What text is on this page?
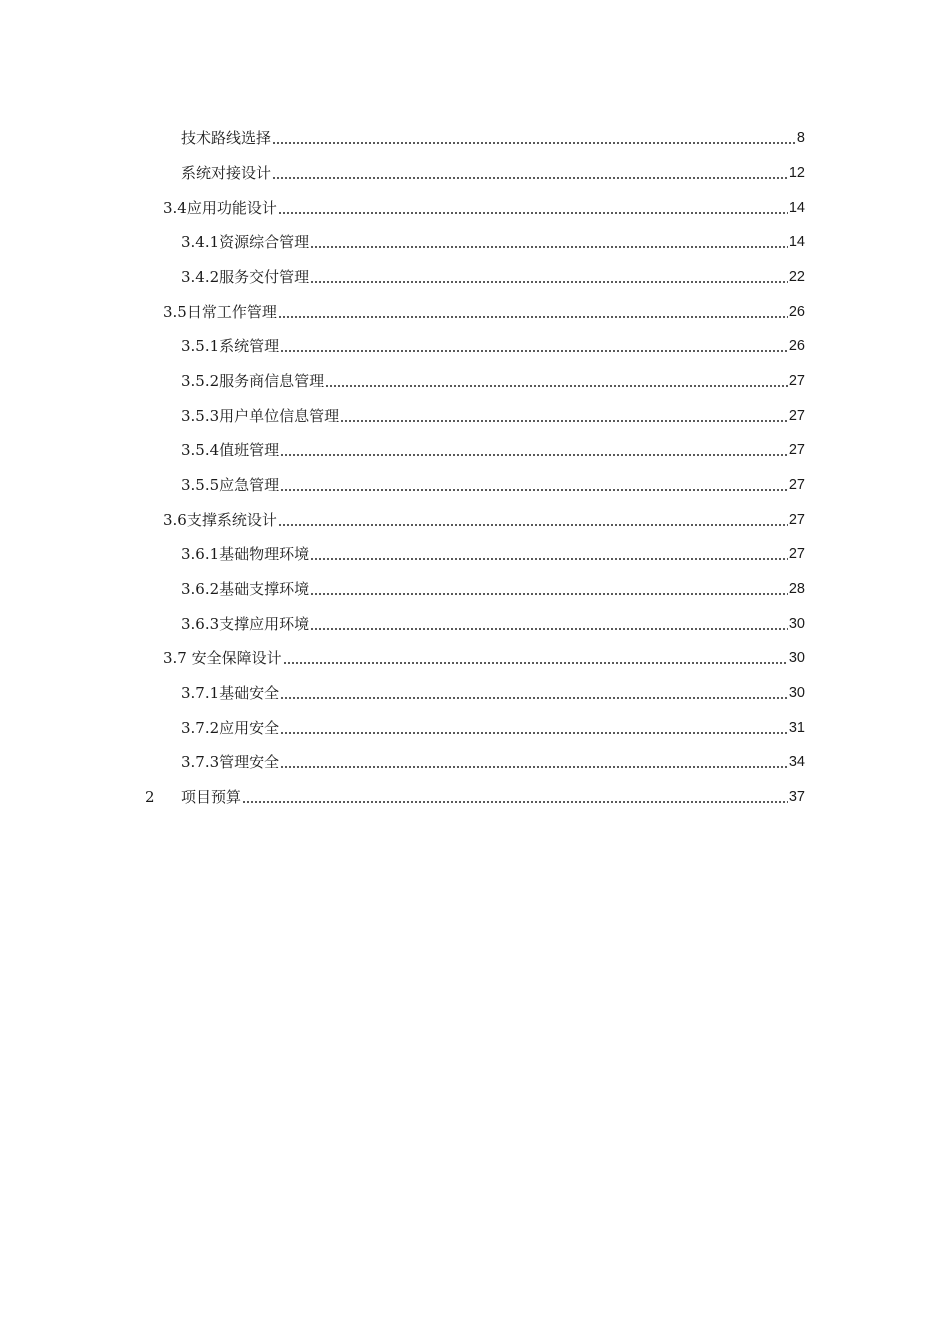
技术路线选择	8
系统对接设计	12
3.4 应用功能设计	14
3.4.1 资源综合管理	14
3.4.2 服务交付管理	22
3.5 日常工作管理	26
3.5.1 系统管理	26
3.5.2 服务商信息管理	27
3.5.3 用户单位信息管理	27
3.5.4 值班管理	27
3.5.5 应急管理	27
3.6 支撑系统设计	27
3.6.1 基础物理环境	27
3.6.2 基础支撑环境	28
3.6.3 支撑应用环境	30
3.7 安全保障设计	30
3.7.1 基础安全	30
3.7.2 应用安全	31
3.7.3 管理安全	34
2	项目预算	37
